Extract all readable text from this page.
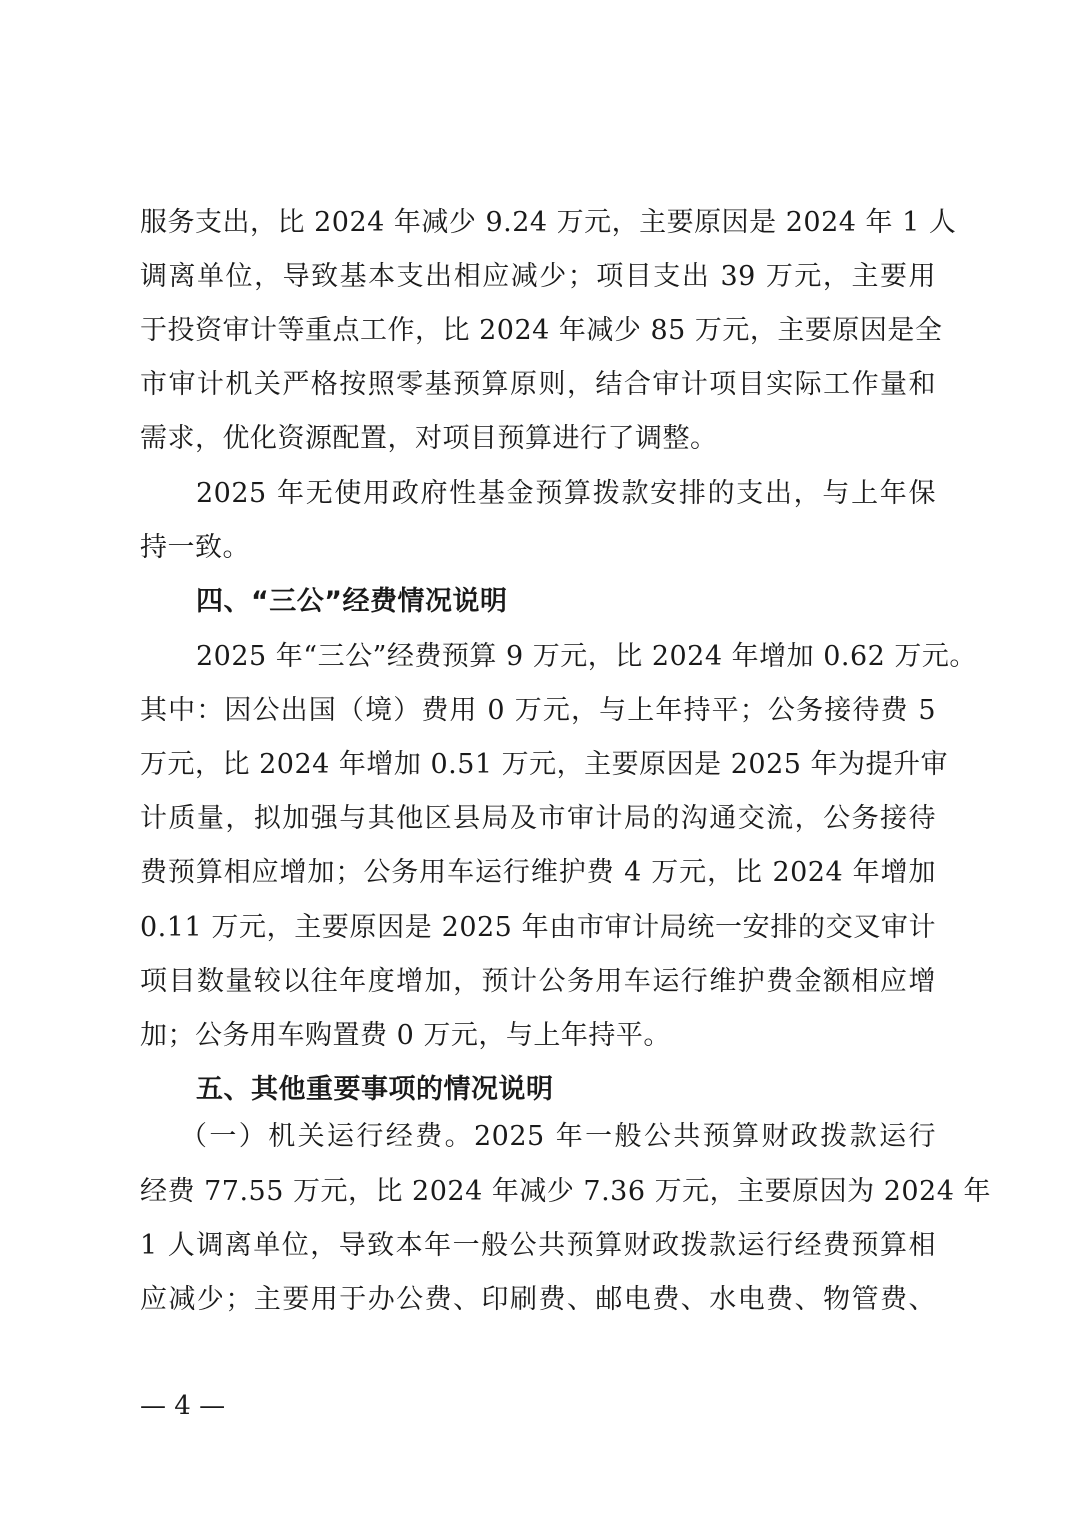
服务支出，比 2024 年减少 9.24 万元，主要原因是 2024 年 1 人
调离单位，导致基本支出相应减少；项目支出 39 万元，主要用
于投资审计等重点工作，比 2024 年减少 85 万元，主要原因是全
市审计机关严格按照零基预算原则，结合审计项目实际工作量和
需求，优化资源配置，对项目预算进行了调整。
2025 年无使用政府性基金预算拨款安排的支出，与上年保
持一致。
四、“三公”经费情况说明
2025 年“三公”经费预算 9 万元，比 2024 年增加 0.62 万元。
其中：因公出国（境）费用 0 万元，与上年持平；公务接待费 5
万元，比 2024 年增加 0.51 万元，主要原因是 2025 年为提升审
计质量，拟加强与其他区县局及市审计局的沟通交流，公务接待
费预算相应增加；公务用车运行维护费 4 万元，比 2024 年增加
0.11 万元，主要原因是 2025 年由市审计局统一安排的交叉审计
项目数量较以往年度增加，预计公务用车运行维护费金额相应增
加；公务用车购置费 0 万元，与上年持平。
五、其他重要事项的情况说明
（一）机关运行经费。2025 年一般公共预算财政拨款运行
经费 77.55 万元，比 2024 年减少 7.36 万元，主要原因为 2024 年
1 人调离单位，导致本年一般公共预算财政拨款运行经费预算相
应减少；主要用于办公费、印刷费、邮电费、水电费、物管费、
— 4 —
